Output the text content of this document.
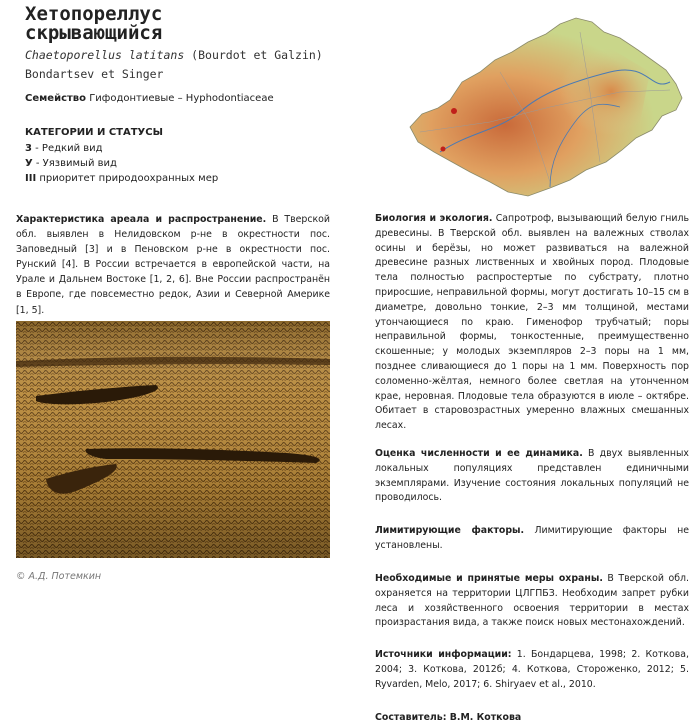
Хетопореллус
скрывающийся
Chaetoporellus latitans (Bourdot et Galzin) Bondartsev et Singer
Семейство Гифодонтиевые – Hyphodontiaceae
КАТЕГОРИИ И СТАТУСЫ
3 - Редкий вид
У - Уязвимый вид
III приоритет природоохранных мер
Характеристика ареала и распространение. В Тверской обл. выявлен в Нелидовском р-не в окрестности пос. Заповедный [3] и в Пеновском р-не в окрестности пос. Рунский [4]. В России встречается в европейской части, на Урале и Дальнем Востоке [1, 2, 6]. Вне России распространён в Европе, где повсеместно редок, Азии и Северной Америке [1, 5].
© А.Д. Потемкин
Биология и экология. Сапротроф, вызывающий белую гниль древесины. В Тверской обл. выявлен на валежных стволах осины и берёзы, но может развиваться на валежной древесине разных лиственных и хвойных пород. Плодовые тела полностью распростертые по субстрату, плотно приросшие, неправильной формы, могут достигать 10–15 см в диаметре, довольно тонкие, 2–3 мм толщиной, местами утончающиеся по краю. Гименофор трубчатый; поры неправильной формы, тонкостенные, преимущественно скошенные; у молодых экземпляров 2–3 поры на 1 мм, позднее сливающиеся до 1 поры на 1 мм. Поверхность пор соломенно-жёлтая, немного более светлая на утонченном крае, неровная. Плодовые тела образуются в июле – октябре. Обитает в старовозрастных умеренно влажных смешанных лесах.
Оценка численности и ее динамика. В двух выявленных локальных популяциях представлен единичными экземплярами. Изучение состояния локальных популяций не проводилось.
Лимитирующие факторы. Лимитирующие факторы не установлены.
Необходимые и принятые меры охраны. В Тверской обл. охраняется на территории ЦЛГПБЗ. Необходим запрет рубки леса и хозяйственного освоения территории в местах произрастания вида, а также поиск новых местонахождений.
Источники информации: 1. Бондарцева, 1998; 2. Коткова, 2004; 3. Коткова, 2012б; 4. Коткова, Стороженко, 2012; 5. Ryvarden, Melo, 2017; 6. Shiryaev et al., 2010.
Составитель: В.М. Коткова
